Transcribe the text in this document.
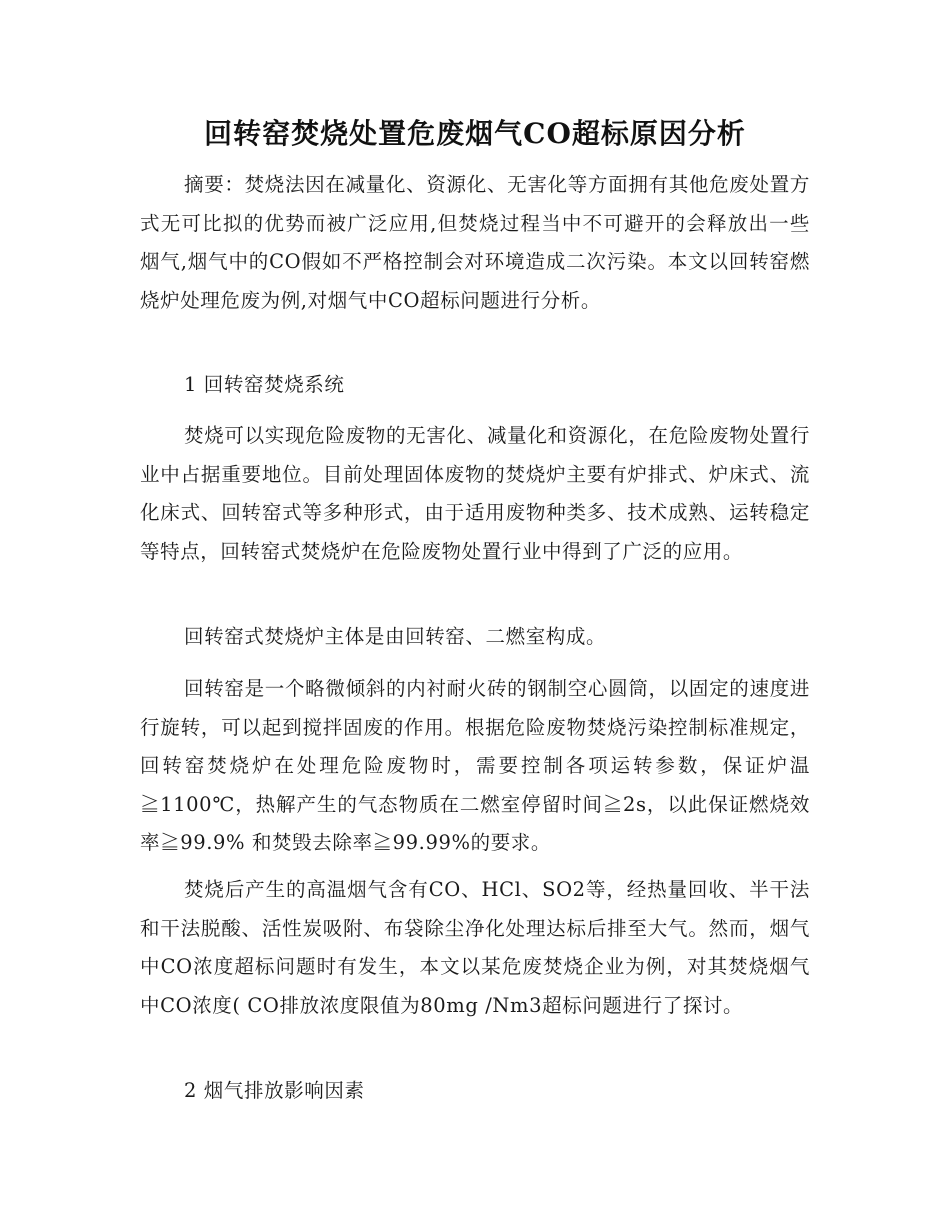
回转窑焚烧处置危废烟气CO超标原因分析

摘要：焚烧法因在减量化、资源化、无害化等方面拥有其他危废处置方式无可比拟的优势而被广泛应用,但焚烧过程当中不可避开的会释放出一些烟气,烟气中的CO假如不严格控制会对环境造成二次污染。本文以回转窑燃烧炉处理危废为例,对烟气中CO超标问题进行分析。

1 回转窑焚烧系统

焚烧可以实现危险废物的无害化、减量化和资源化，在危险废物处置行业中占据重要地位。目前处理固体废物的焚烧炉主要有炉排式、炉床式、流化床式、回转窑式等多种形式，由于适用废物种类多、技术成熟、运转稳定等特点，回转窑式焚烧炉在危险废物处置行业中得到了广泛的应用。

回转窑式焚烧炉主体是由回转窑、二燃室构成。

回转窑是一个略微倾斜的内衬耐火砖的钢制空心圆筒，以固定的速度进行旋转，可以起到搅拌固废的作用。根据危险废物焚烧污染控制标准规定，回转窑焚烧炉在处理危险废物时，需要控制各项运转参数，保证炉温≧1100℃，热解产生的气态物质在二燃室停留时间≧2s，以此保证燃烧效率≧99.9% 和焚毁去除率≧99.99%的要求。

焚烧后产生的高温烟气含有CO、HCl、SO2等，经热量回收、半干法和干法脱酸、活性炭吸附、布袋除尘净化处理达标后排至大气。然而，烟气中CO浓度超标问题时有发生，本文以某危废焚烧企业为例，对其焚烧烟气中CO浓度( CO排放浓度限值为80mg /Nm3超标问题进行了探讨。

2 烟气排放影响因素
